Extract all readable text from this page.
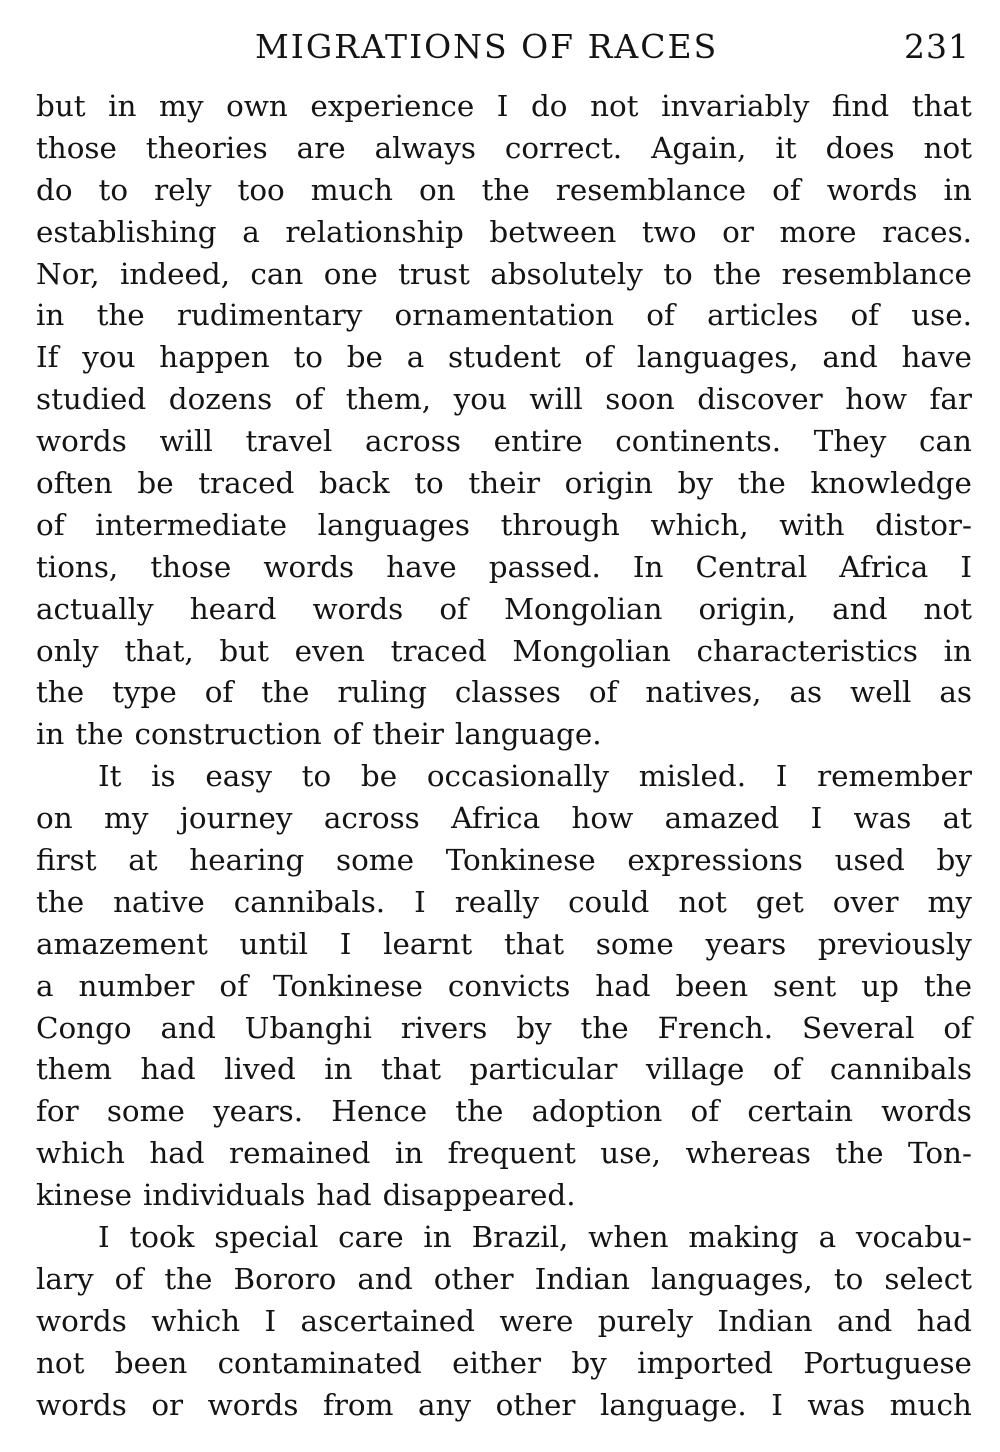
MIGRATIONS OF RACES	231
but in my own experience I do not invariably find that
those theories are always correct. Again, it does not
do to rely too much on the resemblance of words in
establishing a relationship between two or more races.
Nor, indeed, can one trust absolutely to the resemblance
in the rudimentary ornamentation of articles of use.
If you happen to be a student of languages, and have
studied dozens of them, you will soon discover how far
words will travel across entire continents. They can
often be traced back to their origin by the knowledge
of intermediate languages through which, with distor-
tions, those words have passed. In Central Africa I
actually heard words of Mongolian origin, and not
only that, but even traced Mongolian characteristics in
the type of the ruling classes of natives, as well as
in the construction of their language.
It is easy to be occasionally misled. I remember
on my journey across Africa how amazed I was at
first at hearing some Tonkinese expressions used by
the native cannibals. I really could not get over my
amazement until I learnt that some years previously
a number of Tonkinese convicts had been sent up the
Congo and Ubanghi rivers by the French. Several of
them had lived in that particular village of cannibals
for some years. Hence the adoption of certain words
which had remained in frequent use, whereas the Ton-
kinese individuals had disappeared.
I took special care in Brazil, when making a vocabu-
lary of the Bororo and other Indian languages, to select
words which I ascertained were purely Indian and had
not been contaminated either by imported Portuguese
words or words from any other language. I was much
